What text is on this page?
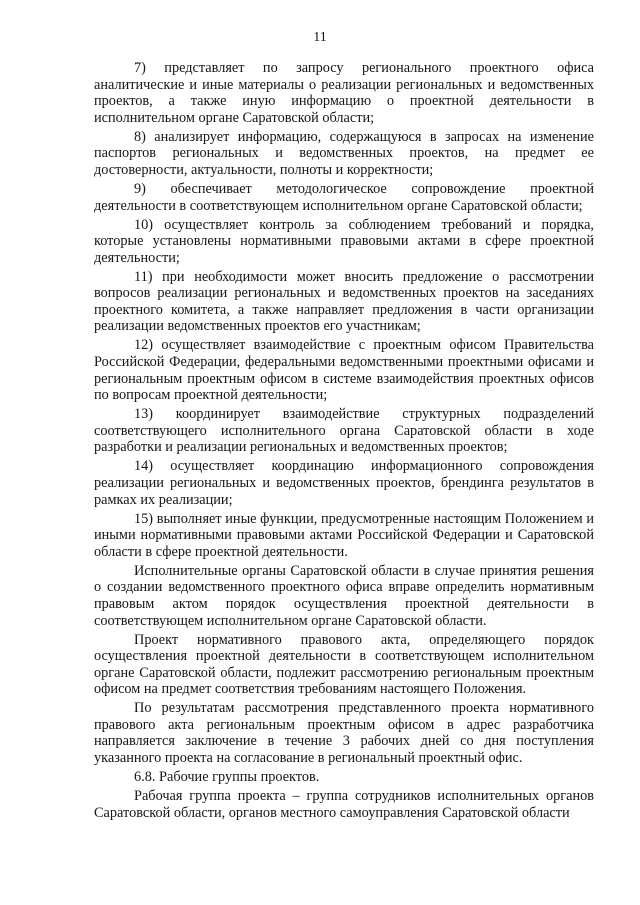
11

7) представляет по запросу регионального проектного офиса аналитические и иные материалы о реализации региональных и ведомственных проектов, а также иную информацию о проектной деятельности в исполнительном органе Саратовской области;

8) анализирует информацию, содержащуюся в запросах на изменение паспортов региональных и ведомственных проектов, на предмет ее достоверности, актуальности, полноты и корректности;

9) обеспечивает методологическое сопровождение проектной деятельности в соответствующем исполнительном органе Саратовской области;

10) осуществляет контроль за соблюдением требований и порядка, которые установлены нормативными правовыми актами в сфере проектной деятельности;

11) при необходимости может вносить предложение о рассмотрении вопросов реализации региональных и ведомственных проектов на заседаниях проектного комитета, а также направляет предложения в части организации реализации ведомственных проектов его участникам;

12) осуществляет взаимодействие с проектным офисом Правительства Российской Федерации, федеральными ведомственными проектными офисами и региональным проектным офисом в системе взаимодействия проектных офисов по вопросам проектной деятельности;

13) координирует взаимодействие структурных подразделений соответствующего исполнительного органа Саратовской области в ходе разработки и реализации региональных и ведомственных проектов;

14) осуществляет координацию информационного сопровождения реализации региональных и ведомственных проектов, брендинга результатов в рамках их реализации;

15) выполняет иные функции, предусмотренные настоящим Положением и иными нормативными правовыми актами Российской Федерации и Саратовской области в сфере проектной деятельности.

Исполнительные органы Саратовской области в случае принятия решения о создании ведомственного проектного офиса вправе определить нормативным правовым актом порядок осуществления проектной деятельности в соответствующем исполнительном органе Саратовской области.

Проект нормативного правового акта, определяющего порядок осуществления проектной деятельности в соответствующем исполнительном органе Саратовской области, подлежит рассмотрению региональным проектным офисом на предмет соответствия требованиям настоящего Положения.

По результатам рассмотрения представленного проекта нормативного правового акта региональным проектным офисом в адрес разработчика направляется заключение в течение 3 рабочих дней со дня поступления указанного проекта на согласование в региональный проектный офис.

6.8. Рабочие группы проектов.

Рабочая группа проекта – группа сотрудников исполнительных органов Саратовской области, органов местного самоуправления Саратовской области
